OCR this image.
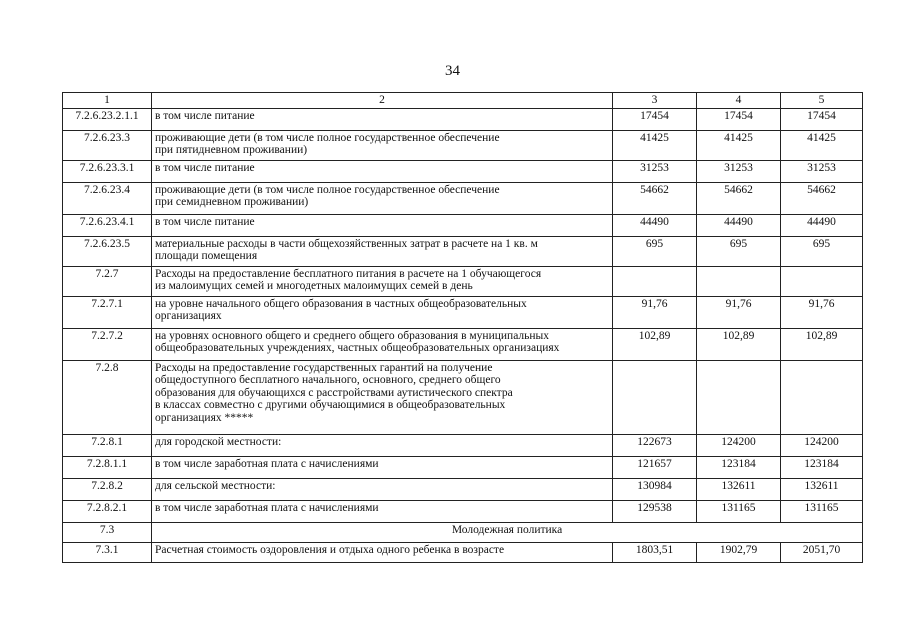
34
1	2	3	4	5
7.2.6.23.2.1.1	в том числе питание	17454	17454	17454
7.2.6.23.3	проживающие дети (в том числе полное государственное обеспечение
при пятидневном проживании)	41425	41425	41425
7.2.6.23.3.1	в том числе питание	31253	31253	31253
7.2.6.23.4	проживающие дети (в том числе полное государственное обеспечение
при семидневном проживании)	54662	54662	54662
7.2.6.23.4.1	в том числе питание	44490	44490	44490
7.2.6.23.5	материальные расходы в части общехозяйственных затрат в расчете на 1 кв. м
площади помещения	695	695	695
7.2.7	Расходы на предоставление бесплатного питания в расчете на 1 обучающегося
из малоимущих семей и многодетных малоимущих семей в день			
7.2.7.1	на уровне начального общего образования в частных общеобразовательных
организациях	91,76	91,76	91,76
7.2.7.2	на уровнях основного общего и среднего общего образования в муниципальных
общеобразовательных учреждениях, частных общеобразовательных организациях	102,89	102,89	102,89
7.2.8	Расходы на предоставление государственных гарантий на получение
общедоступного бесплатного начального, основного, среднего общего
образования для обучающихся с расстройствами аутистического спектра
в классах совместно с другими обучающимися в общеобразовательных
организациях *****			
7.2.8.1	для городской местности:	122673	124200	124200
7.2.8.1.1	в том числе заработная плата с начислениями	121657	123184	123184
7.2.8.2	для сельской местности:	130984	132611	132611
7.2.8.2.1	в том числе заработная плата с начислениями	129538	131165	131165
7.3	Молодежная политика			
7.3.1	Расчетная стоимость оздоровления и отдыха одного ребенка в возрасте	1803,51	1902,79	2051,70
